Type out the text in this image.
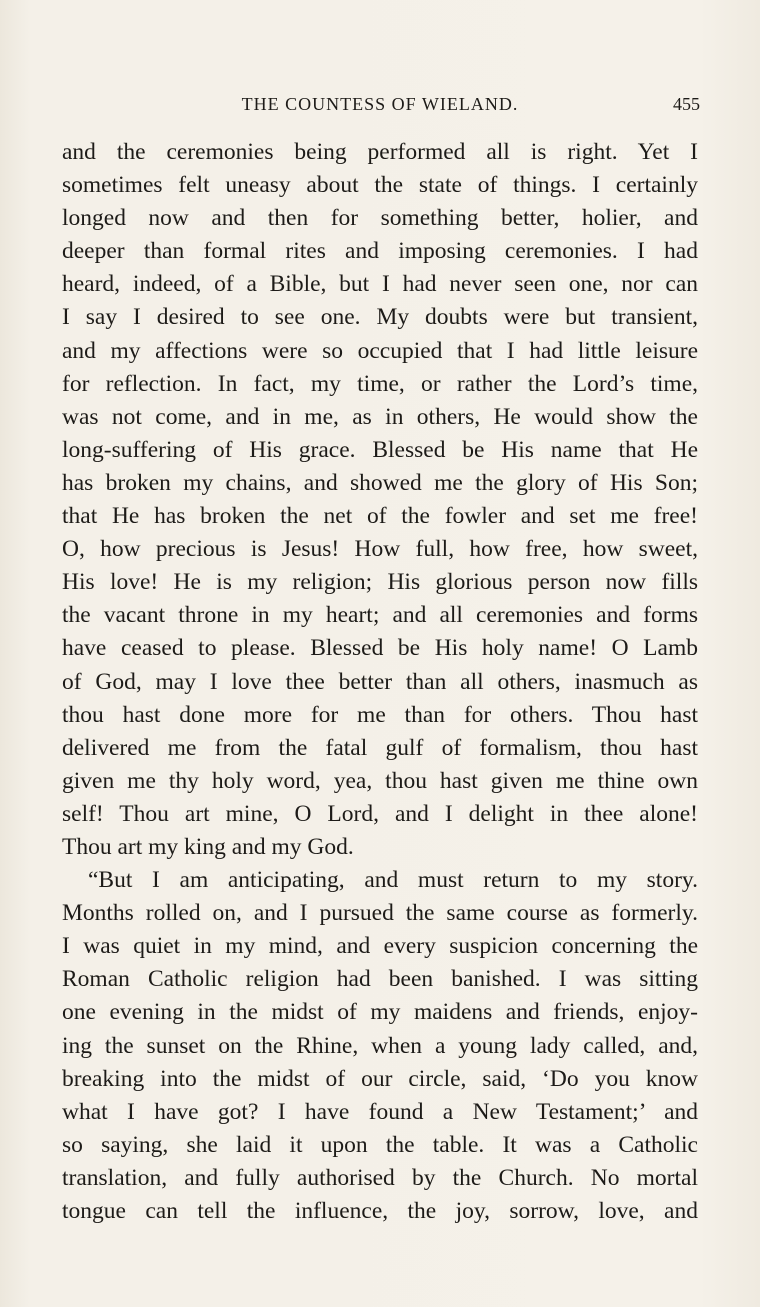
THE COUNTESS OF WIELAND.	455
and the ceremonies being performed all is right. Yet I
sometimes felt uneasy about the state of things. I certainly
longed now and then for something better, holier, and
deeper than formal rites and imposing ceremonies. I had
heard, indeed, of a Bible, but I had never seen one, nor can
I say I desired to see one. My doubts were but transient,
and my affections were so occupied that I had little leisure
for reflection. In fact, my time, or rather the Lord’s time,
was not come, and in me, as in others, He would show the
long-suffering of His grace. Blessed be His name that He
has broken my chains, and showed me the glory of His Son;
that He has broken the net of the fowler and set me free!
O, how precious is Jesus! How full, how free, how sweet,
His love! He is my religion; His glorious person now fills
the vacant throne in my heart; and all ceremonies and forms
have ceased to please. Blessed be His holy name! O Lamb
of God, may I love thee better than all others, inasmuch as
thou hast done more for me than for others. Thou hast
delivered me from the fatal gulf of formalism, thou hast
given me thy holy word, yea, thou hast given me thine own
self! Thou art mine, O Lord, and I delight in thee alone!
Thou art my king and my God.
“But I am anticipating, and must return to my story.
Months rolled on, and I pursued the same course as formerly.
I was quiet in my mind, and every suspicion concerning the
Roman Catholic religion had been banished. I was sitting
one evening in the midst of my maidens and friends, enjoy-
ing the sunset on the Rhine, when a young lady called, and,
breaking into the midst of our circle, said, ‘Do you know
what I have got? I have found a New Testament;’ and
so saying, she laid it upon the table. It was a Catholic
translation, and fully authorised by the Church. No mortal
tongue can tell the influence, the joy, sorrow, love, and
